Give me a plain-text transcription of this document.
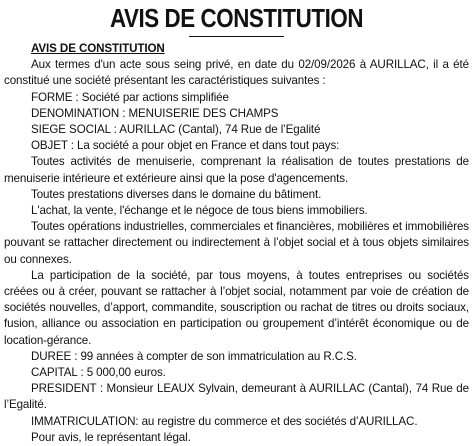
AVIS DE CONSTITUTION

AVIS DE CONSTITUTION

Aux termes d'un acte sous seing privé, en date du 02/09/2026 à AURILLAC, il a été constitué une société présentant les caractéristiques suivantes :

FORME : Société par actions simplifiée

DENOMINATION : MENUISERIE DES CHAMPS

SIEGE SOCIAL : AURILLAC (Cantal), 74 Rue de l’Egalité

OBJET : La société a pour objet en France et dans tout pays:

Toutes activités de menuiserie, comprenant la réalisation de toutes prestations de menuiserie intérieure et extérieure ainsi que la pose d'agencements.

Toutes prestations diverses dans le domaine du bâtiment.

L'achat, la vente, l'échange et le négoce de tous biens immobiliers.

Toutes opérations industrielles, commerciales et financières, mobilières et immobilières pouvant se rattacher directement ou indirectement à l’objet social et à tous objets similaires ou connexes.

La participation de la société, par tous moyens, à toutes entreprises ou sociétés créées ou à créer, pouvant se rattacher à l’objet social, notamment par voie de création de sociétés nouvelles, d’apport, commandite, souscription ou rachat de titres ou droits sociaux, fusion, alliance ou association en participation ou groupement d’intérêt économique ou de location-gérance.

DUREE : 99 années à compter de son immatriculation au R.C.S.

CAPITAL : 5 000,00 euros.

PRESIDENT : Monsieur LEAUX Sylvain, demeurant à AURILLAC (Cantal), 74 Rue de l’Egalité.

IMMATRICULATION: au registre du commerce et des sociétés d’AURILLAC.

Pour avis, le représentant légal.
